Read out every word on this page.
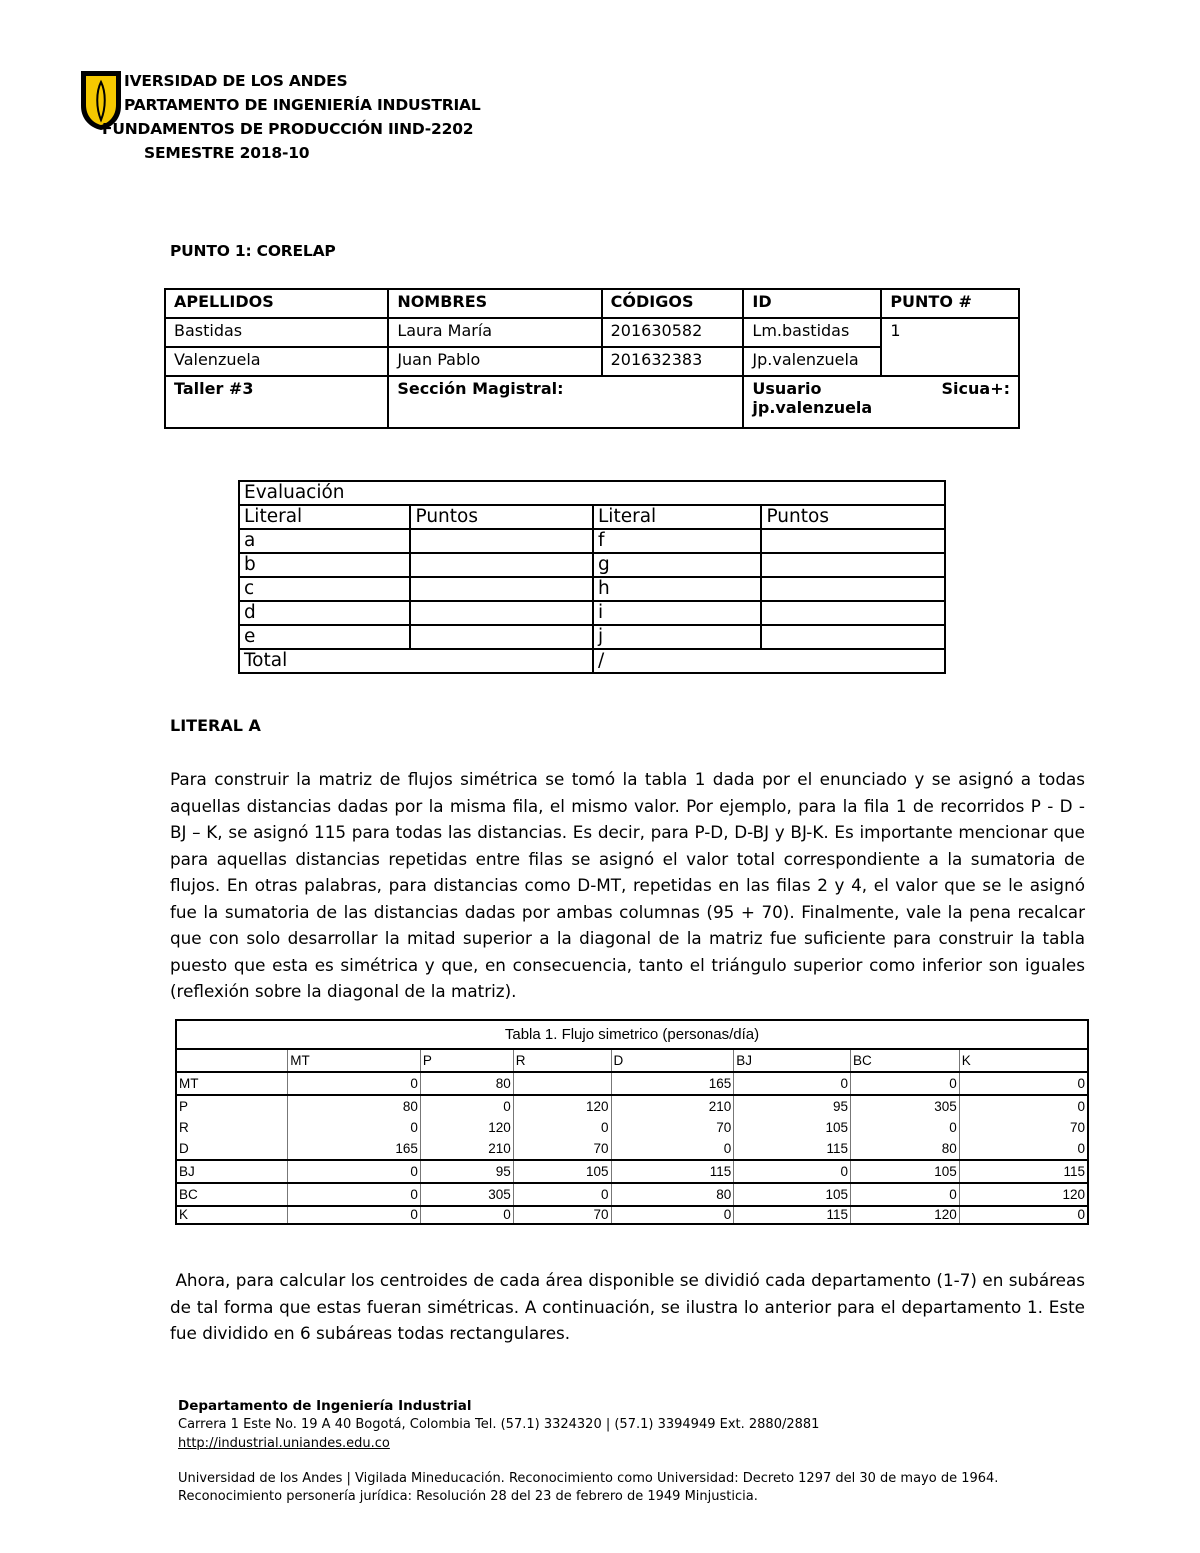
IVERSIDAD DE LOS ANDES
PARTAMENTO DE INGENIERÍA INDUSTRIAL
FUNDAMENTOS DE PRODUCCIÓN IIND-2202
SEMESTRE 2018-10
PUNTO 1: CORELAP
APELLIDOS	NOMBRES	CÓDIGOS	ID	PUNTO #
Bastidas	Laura María	201630582	Lm.bastidas	1
Valenzuela	Juan Pablo	201632383	Jp.valenzuela	
Taller #3	Sección Magistral:		Usuario Sicua+:
jp.valenzuela	
Evaluación			
Literal	Puntos	Literal	Puntos
a		f	
b		g	
c		h	
d		i	
e		j	
Total		/	
LITERAL A
Para construir la matriz de flujos simétrica se tomó la tabla 1 dada por el enunciado y se asignó a todas aquellas distancias dadas por la misma fila, el mismo valor. Por ejemplo, para la fila 1 de recorridos P - D - BJ – K, se asignó 115 para todas las distancias. Es decir, para P-D, D-BJ y BJ-K. Es importante mencionar que para aquellas distancias repetidas entre filas se asignó el valor total correspondiente a la sumatoria de flujos. En otras palabras, para distancias como D-MT, repetidas en las filas 2 y 4, el valor que se le asignó fue la sumatoria de las distancias dadas por ambas columnas (95 + 70). Finalmente, vale la pena recalcar que con solo desarrollar la mitad superior a la diagonal de la matriz fue suficiente para construir la tabla puesto que esta es simétrica y que, en consecuencia, tanto el triángulo superior como inferior son iguales (reflexión sobre la diagonal de la matriz).
Tabla 1. Flujo simetrico (personas/día)							
	MT	P	R	D	BJ	BC	K
MT	0	80		165	0	0	0
P	80	0	120	210	95	305	0
R	0	120	0	70	105	0	70
D	165	210	70	0	115	80	0
BJ	0	95	105	115	0	105	115
BC	0	305	0	80	105	0	120
K	0	0	70	0	115	120	0
Ahora, para calcular los centroides de cada área disponible se dividió cada departamento (1-7) en subáreas     de tal forma que estas fueran simétricas. A continuación, se ilustra lo anterior para el departamento 1. Este fue dividido en 6 subáreas todas rectangulares.
Departamento de Ingeniería Industrial
Carrera 1 Este No. 19 A 40 Bogotá, Colombia Tel. (57.1) 3324320 | (57.1) 3394949 Ext. 2880/2881
http://industrial.uniandes.edu.co
Universidad de los Andes | Vigilada Mineducación. Reconocimiento como Universidad: Decreto 1297 del 30 de mayo de 1964.
Reconocimiento personería jurídica: Resolución 28 del 23 de febrero de 1949 Minjusticia.
